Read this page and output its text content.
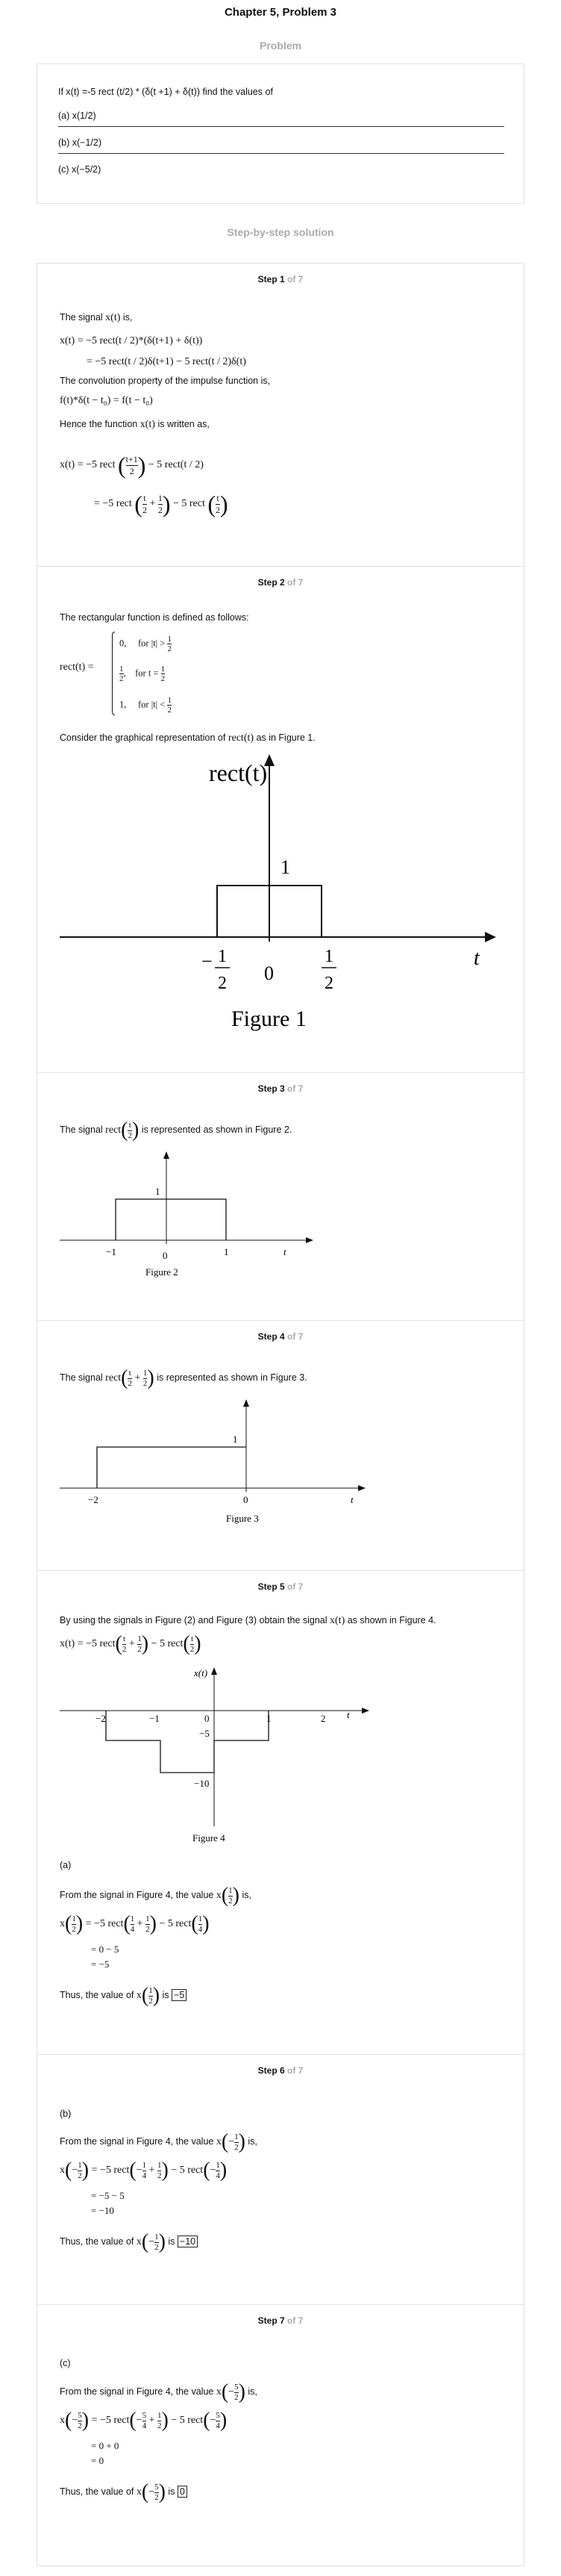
Chapter 5, Problem 3
Problem
If x(t) =-5 rect (t/2) * (δ(t +1) + δ(t)) find the values of
(a) x(1/2)
(b) x(−1/2)
(c) x(−5/2)
Step-by-step solution
Step 1 of 7
The signal x(t) is,
x(t) = −5 rect(t / 2)*(δ(t+1) + δ(t))
= −5 rect(t / 2)δ(t+1) − 5 rect(t / 2)δ(t)
The convolution property of the impulse function is,
f(t)*δ(t − t₀) = f(t − t₀)
Hence the function x(t) is written as,
x(t) = −5 rect ( $\frac{t+1}{2}$ ) − 5 rect(t / 2)
= −5 rect ( $\frac{t}{2} + \frac{1}{2}$ ) − 5 rect ( $\frac{t}{2}$ )
Step 2 of 7
The rectangular function is defined as follows:
rect(t) =
0, for $|t| > \frac{1}{2}$
$\frac{1}{2}$ ,    for $t = \frac{1}{2}$
1, for $|t| < \frac{1}{2}$
Consider the graphical representation of rect(t) as in Figure 1.
rect(t)
1
− 1
2 0
1
2
t
Figure 1
Step 3 of 7
The signal rect( $\frac{t}{2}$ ) is represented as shown in Figure 2.
1
−1	0	1	t
Figure 2
Step 4 of 7
The signal rect( $\frac{t}{2} + \frac{1}{2}$ ) is represented as shown in Figure 3.
1
−2	0	t
Figure 3
Step 5 of 7
By using the signals in Figure (2) and Figure (3) obtain the signal x(t) as shown in Figure 4.
x(t) = −5 rect( $\frac{t}{2} + \frac{1}{2}$ ) − 5 rect( $\frac{t}{2}$ )
x(t)
−2	−1	0	1	2 t
−5
−10
Figure 4
(a)
From the signal in Figure 4, the value $x( \frac{1}{2}$ ) is,
$x( \frac{1}{2}$ ) = −5 rect( $\frac{1}{4} + \frac{1}{2}$ ) − 5 rect( $\frac{1}{4}$ )
= 0 − 5
= −5
Thus, the value of $x( \frac{1}{2}$ ) is −5
Step 6 of 7
(b)
From the signal in Figure 4, the value $x(- \frac{1}{2}$ ) is,
$x(- \frac{1}{2}$ ) = −5 rect(− $\frac{1}{4} + \frac{1}{2}$ ) − 5 rect(− $\frac{1}{4}$ )
= −5 − 5
= −10
Thus, the value of $x(- \frac{1}{2}$ ) is −10
Step 7 of 7
(c)
From the signal in Figure 4, the value $x(- \frac{5}{2}$ ) is,
$x(- \frac{5}{2}$ ) = −5 rect(− $\frac{5}{4} + \frac{1}{2}$ ) − 5 rect(− $\frac{5}{4}$ )
= 0 + 0
= 0
Thus, the value of $x(- \frac{5}{2}$ ) is 0
